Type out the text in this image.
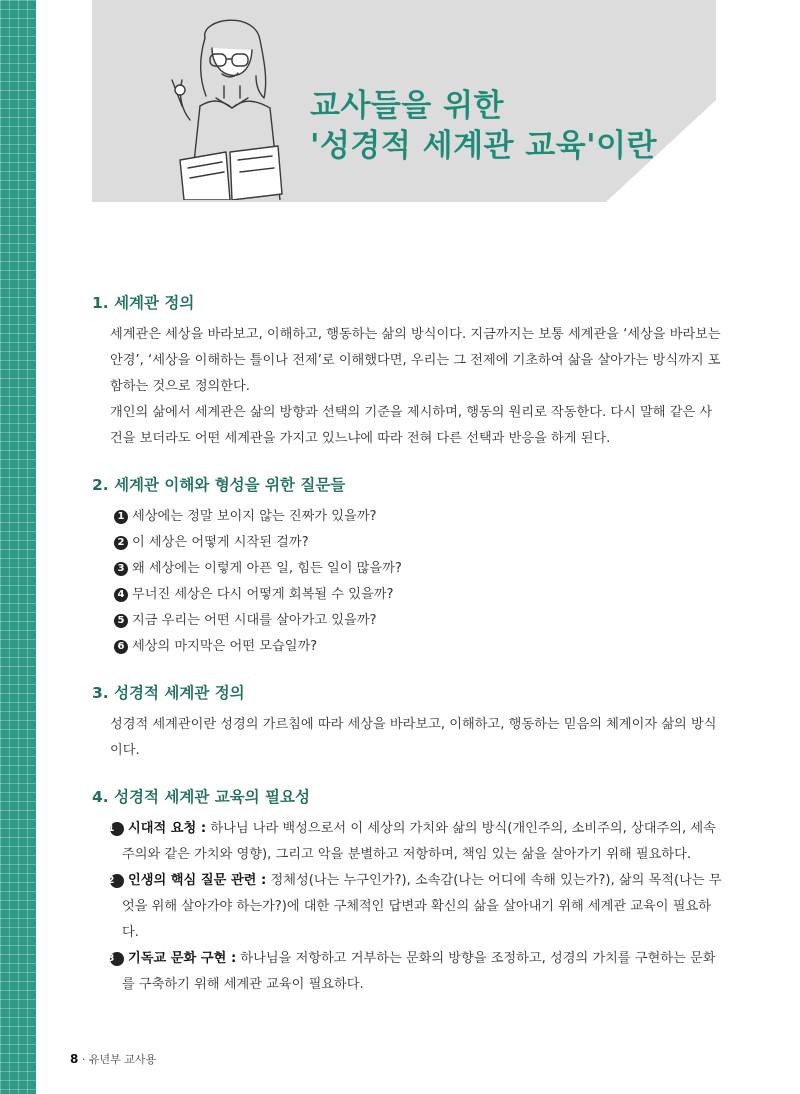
교사들을 위한
'성경적 세계관 교육'이란
1. 세계관 정의

세계관은 세상을 바라보고, 이해하고, 행동하는 삶의 방식이다. 지금까지는 보통 세계관을 ‘세상을 바라보는 안경’, ‘세상을 이해하는 틀이나 전제’로 이해했다면, 우리는 그 전제에 기초하여 삶을 살아가는 방식까지 포함하는 것으로 정의한다.

개인의 삶에서 세계관은 삶의 방향과 선택의 기준을 제시하며, 행동의 원리로 작동한다. 다시 말해 같은 사건을 보더라도 어떤 세계관을 가지고 있느냐에 따라 전혀 다른 선택과 반응을 하게 된다.

2. 세계관 이해와 형성을 위한 질문들
1 세상에는 정말 보이지 않는 진짜가 있을까?
2 이 세상은 어떻게 시작된 걸까?
3 왜 세상에는 이렇게 아픈 일, 힘든 일이 많을까?
4 무너진 세상은 다시 어떻게 회복될 수 있을까?
5 지금 우리는 어떤 시대를 살아가고 있을까?
6 세상의 마지막은 어떤 모습일까?
3. 성경적 세계관 정의

성경적 세계관이란 성경의 가르침에 따라 세상을 바라보고, 이해하고, 행동하는 믿음의 체계이자 삶의 방식이다.

4. 성경적 세계관 교육의 필요성
1 시대적 요청 : 하나님 나라 백성으로서 이 세상의 가치와 삶의 방식(개인주의, 소비주의, 상대주의, 세속주의와 같은 가치와 영향), 그리고 악을 분별하고 저항하며, 책임 있는 삶을 살아가기 위해 필요하다.
2 인생의 핵심 질문 관련 : 정체성(나는 누구인가?), 소속감(나는 어디에 속해 있는가?), 삶의 목적(나는 무엇을 위해 살아가야 하는가?)에 대한 구체적인 답변과 확신의 삶을 살아내기 위해 세계관 교육이 필요하다.
3 기독교 문화 구현 : 하나님을 저항하고 거부하는 문화의 방향을 조정하고, 성경의 가치를 구현하는 문화를 구축하기 위해 세계관 교육이 필요하다.
8 · 유년부 교사용
